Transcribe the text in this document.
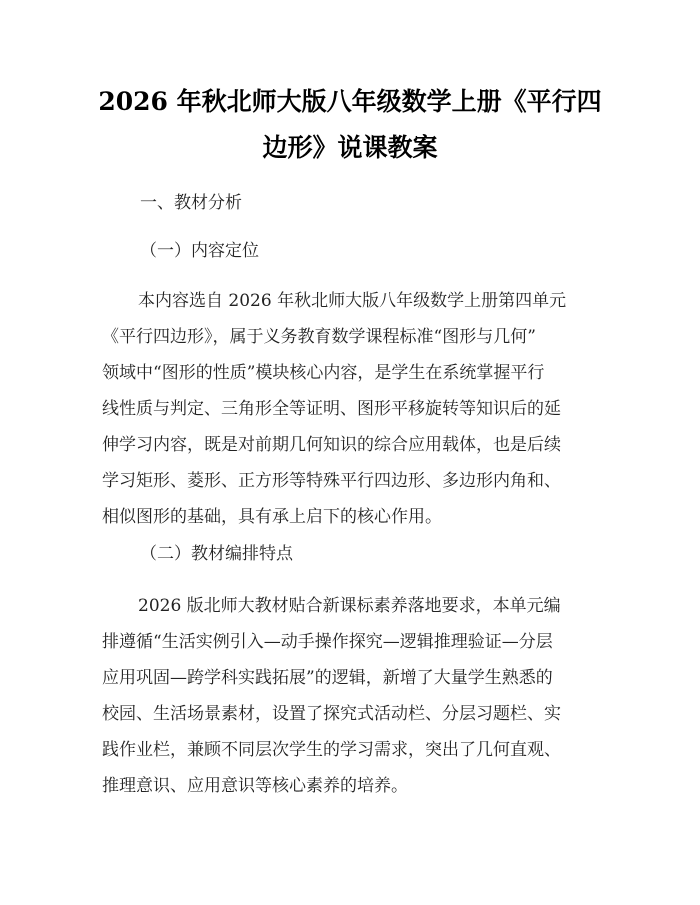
2026 年秋北师大版八年级数学上册《平行四
边形》说课教案
一、教材分析
（一）内容定位
本内容选自 2026 年秋北师大版八年级数学上册第四单元
《平行四边形》，属于义务教育数学课程标准“图形与几何”
领域中“图形的性质”模块核心内容，是学生在系统掌握平行
线性质与判定、三角形全等证明、图形平移旋转等知识后的延
伸学习内容，既是对前期几何知识的综合应用载体，也是后续
学习矩形、菱形、正方形等特殊平行四边形、多边形内角和、
相似图形的基础，具有承上启下的核心作用。
（二）教材编排特点
2026 版北师大教材贴合新课标素养落地要求，本单元编
排遵循“生活实例引入—动手操作探究—逻辑推理验证—分层
应用巩固—跨学科实践拓展”的逻辑，新增了大量学生熟悉的
校园、生活场景素材，设置了探究式活动栏、分层习题栏、实
践作业栏，兼顾不同层次学生的学习需求，突出了几何直观、
推理意识、应用意识等核心素养的培养。
